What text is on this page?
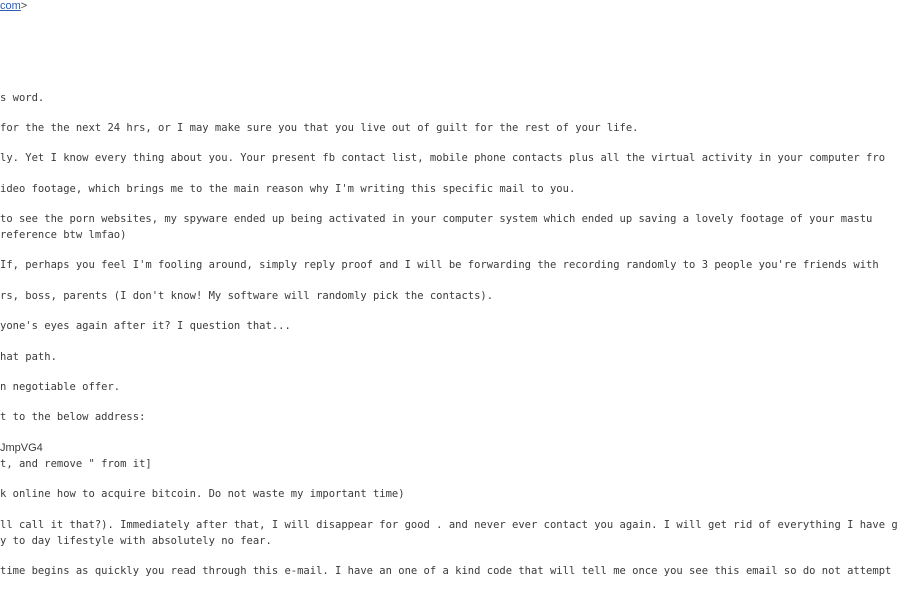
com>
s word.
for the the next 24 hrs, or I may make sure you that you live out of guilt for the rest of your life.
ly. Yet I know every thing about you. Your present fb contact list, mobile phone contacts plus all the virtual activity in your computer fro
ideo footage, which brings me to the main reason why I'm writing this specific mail to you.
to see the porn websites, my spyware ended up being activated in your computer system which ended up saving a lovely footage of your mastu
reference btw lmfao)
If, perhaps you feel I'm fooling around, simply reply proof and I will be forwarding the recording randomly to 3 people you're friends with
rs, boss, parents (I don't know! My software will randomly pick the contacts).
yone's eyes again after it? I question that...
hat path.
n negotiable offer.
t to the below address:
JmpVG4
t, and remove " from it]
k online how to acquire bitcoin. Do not waste my important time)
ll call it that?). Immediately after that, I will disappear for good . and never ever contact you again. I will get rid of everything I have g
y to day lifestyle with absolutely no fear.
time begins as quickly you read through this e-mail. I have an one of a kind code that will tell me once you see this email so do not attempt
